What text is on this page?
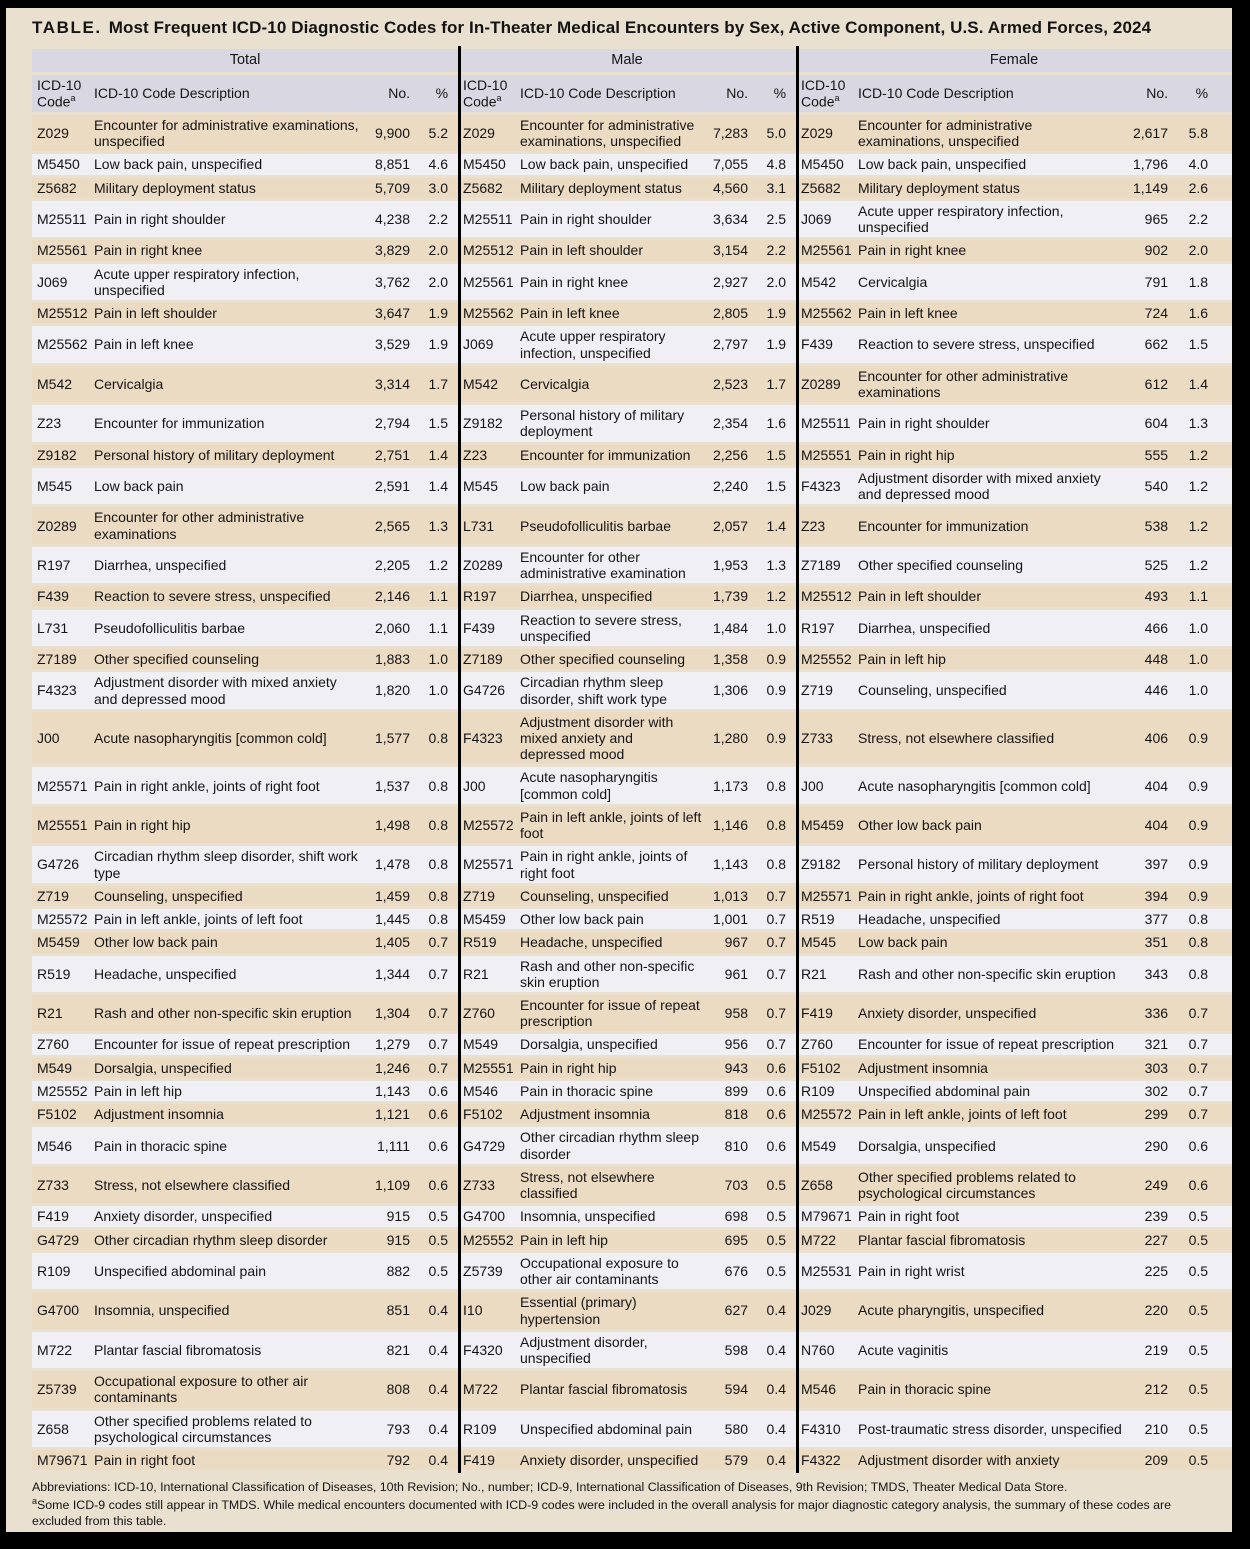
TABLE. Most Frequent ICD-10 Diagnostic Codes for In-Theater Medical Encounters by Sex, Active Component, U.S. Armed Forces, 2024
Total				Male				Female			
ICD-10 Code$^a$	ICD-10 Code Description	No.	%	ICD-10 Code$^a$	ICD-10 Code Description	No.	%	ICD-10 Code$^a$	ICD-10 Code Description	No.	%
Z029	Encounter for administrative examinations, unspecified	9,900	5.2	Z029	Encounter for administrative examinations, unspecified	7,283	5.0	Z029	Encounter for administrative examinations, unspecified	2,617	5.8
M5450	Low back pain, unspecified	8,851	4.6	M5450	Low back pain, unspecified	7,055	4.8	M5450	Low back pain, unspecified	1,796	4.0
Z5682	Military deployment status	5,709	3.0	Z5682	Military deployment status	4,560	3.1	Z5682	Military deployment status	1,149	2.6
M25511	Pain in right shoulder	4,238	2.2	M25511	Pain in right shoulder	3,634	2.5	J069	Acute upper respiratory infection, unspecified	965	2.2
M25561	Pain in right knee	3,829	2.0	M25512	Pain in left shoulder	3,154	2.2	M25561	Pain in right knee	902	2.0
J069	Acute upper respiratory infection, unspecified	3,762	2.0	M25561	Pain in right knee	2,927	2.0	M542	Cervicalgia	791	1.8
M25512	Pain in left shoulder	3,647	1.9	M25562	Pain in left knee	2,805	1.9	M25562	Pain in left knee	724	1.6
M25562	Pain in left knee	3,529	1.9	J069	Acute upper respiratory infection, unspecified	2,797	1.9	F439	Reaction to severe stress, unspecified	662	1.5
M542	Cervicalgia	3,314	1.7	M542	Cervicalgia	2,523	1.7	Z0289	Encounter for other administrative examinations	612	1.4
Z23	Encounter for immunization	2,794	1.5	Z9182	Personal history of military deployment	2,354	1.6	M25511	Pain in right shoulder	604	1.3
Z9182	Personal history of military deployment	2,751	1.4	Z23	Encounter for immunization	2,256	1.5	M25551	Pain in right hip	555	1.2
M545	Low back pain	2,591	1.4	M545	Low back pain	2,240	1.5	F4323	Adjustment disorder with mixed anxiety and depressed mood	540	1.2
Z0289	Encounter for other administrative examinations	2,565	1.3	L731	Pseudofolliculitis barbae	2,057	1.4	Z23	Encounter for immunization	538	1.2
R197	Diarrhea, unspecified	2,205	1.2	Z0289	Encounter for other administrative examination	1,953	1.3	Z7189	Other specified counseling	525	1.2
F439	Reaction to severe stress, unspecified	2,146	1.1	R197	Diarrhea, unspecified	1,739	1.2	M25512	Pain in left shoulder	493	1.1
L731	Pseudofolliculitis barbae	2,060	1.1	F439	Reaction to severe stress, unspecified	1,484	1.0	R197	Diarrhea, unspecified	466	1.0
Z7189	Other specified counseling	1,883	1.0	Z7189	Other specified counseling	1,358	0.9	M25552	Pain in left hip	448	1.0
F4323	Adjustment disorder with mixed anxiety and depressed mood	1,820	1.0	G4726	Circadian rhythm sleep disorder, shift work type	1,306	0.9	Z719	Counseling, unspecified	446	1.0
J00	Acute nasopharyngitis [common cold]	1,577	0.8	F4323	Adjustment disorder with mixed anxiety and depressed mood	1,280	0.9	Z733	Stress, not elsewhere classified	406	0.9
M25571	Pain in right ankle, joints of right foot	1,537	0.8	J00	Acute nasopharyngitis [common cold]	1,173	0.8	J00	Acute nasopharyngitis [common cold]	404	0.9
M25551	Pain in right hip	1,498	0.8	M25572	Pain in left ankle, joints of left foot	1,146	0.8	M5459	Other low back pain	404	0.9
G4726	Circadian rhythm sleep disorder, shift work type	1,478	0.8	M25571	Pain in right ankle, joints of right foot	1,143	0.8	Z9182	Personal history of military deployment	397	0.9
Z719	Counseling, unspecified	1,459	0.8	Z719	Counseling, unspecified	1,013	0.7	M25571	Pain in right ankle, joints of right foot	394	0.9
M25572	Pain in left ankle, joints of left foot	1,445	0.8	M5459	Other low back pain	1,001	0.7	R519	Headache, unspecified	377	0.8
M5459	Other low back pain	1,405	0.7	R519	Headache, unspecified	967	0.7	M545	Low back pain	351	0.8
R519	Headache, unspecified	1,344	0.7	R21	Rash and other non-specific skin eruption	961	0.7	R21	Rash and other non-specific skin eruption	343	0.8
R21	Rash and other non-specific skin eruption	1,304	0.7	Z760	Encounter for issue of repeat prescription	958	0.7	F419	Anxiety disorder, unspecified	336	0.7
Z760	Encounter for issue of repeat prescription	1,279	0.7	M549	Dorsalgia, unspecified	956	0.7	Z760	Encounter for issue of repeat prescription	321	0.7
M549	Dorsalgia, unspecified	1,246	0.7	M25551	Pain in right hip	943	0.6	F5102	Adjustment insomnia	303	0.7
M25552	Pain in left hip	1,143	0.6	M546	Pain in thoracic spine	899	0.6	R109	Unspecified abdominal pain	302	0.7
F5102	Adjustment insomnia	1,121	0.6	F5102	Adjustment insomnia	818	0.6	M25572	Pain in left ankle, joints of left foot	299	0.7
M546	Pain in thoracic spine	1,111	0.6	G4729	Other circadian rhythm sleep disorder	810	0.6	M549	Dorsalgia, unspecified	290	0.6
Z733	Stress, not elsewhere classified	1,109	0.6	Z733	Stress, not elsewhere classified	703	0.5	Z658	Other specified problems related to psychological circumstances	249	0.6
F419	Anxiety disorder, unspecified	915	0.5	G4700	Insomnia, unspecified	698	0.5	M79671	Pain in right foot	239	0.5
G4729	Other circadian rhythm sleep disorder	915	0.5	M25552	Pain in left hip	695	0.5	M722	Plantar fascial fibromatosis	227	0.5
R109	Unspecified abdominal pain	882	0.5	Z5739	Occupational exposure to other air contaminants	676	0.5	M25531	Pain in right wrist	225	0.5
G4700	Insomnia, unspecified	851	0.4	I10	Essential (primary) hypertension	627	0.4	J029	Acute pharyngitis, unspecified	220	0.5
M722	Plantar fascial fibromatosis	821	0.4	F4320	Adjustment disorder, unspecified	598	0.4	N760	Acute vaginitis	219	0.5
Z5739	Occupational exposure to other air contaminants	808	0.4	M722	Plantar fascial fibromatosis	594	0.4	M546	Pain in thoracic spine	212	0.5
Z658	Other specified problems related to psychological circumstances	793	0.4	R109	Unspecified abdominal pain	580	0.4	F4310	Post-traumatic stress disorder, unspecified	210	0.5
M79671	Pain in right foot	792	0.4	F419	Anxiety disorder, unspecified	579	0.4	F4322	Adjustment disorder with anxiety	209	0.5

Abbreviations: ICD-10, International Classification of Diseases, 10th Revision; No., number; ICD-9, International Classification of Diseases, 9th Revision; TMDS, Theater Medical Data Store.

$^a$Some ICD-9 codes still appear in TMDS. While medical encounters documented with ICD-9 codes were included in the overall analysis for major diagnostic category analysis, the summary of these codes are excluded from this table.
